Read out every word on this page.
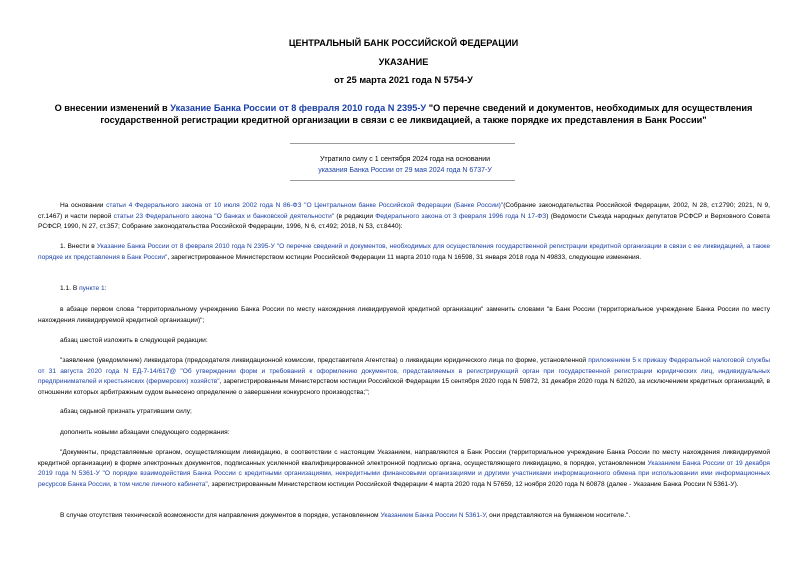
ЦЕНТРАЛЬНЫЙ БАНК РОССИЙСКОЙ ФЕДЕРАЦИИ
УКАЗАНИЕ
от 25 марта 2021 года N 5754-У
О внесении изменений в Указание Банка России от 8 февраля 2010 года N 2395-У "О перечне сведений и документов, необходимых для осуществления государственной регистрации кредитной организации в связи с ее ликвидацией, а также порядке их представления в Банк России"
Утратило силу с 1 сентября 2024 года на основании
указания Банка России от 29 мая 2024 года N 6737-У
На основании статьи 4 Федерального закона от 10 июля 2002 года N 86-ФЗ "О Центральном банке Российской Федерации (Банке России)"(Собрание законодательства Российской Федерации, 2002, N 28, ст.2790; 2021, N 9, ст.1467) и части первой статьи 23 Федерального закона "О банках и банковской деятельности" (в редакции Федерального закона от 3 февраля 1996 года N 17-ФЗ) (Ведомости Съезда народных депутатов РСФСР и Верховного Совета РСФСР, 1990, N 27, ст.357; Собрание законодательства Российской Федерации, 1996, N 6, ст.492; 2018, N 53, ст.8440):
1. Внести в Указание Банка России от 8 февраля 2010 года N 2395-У "О перечне сведений и документов, необходимых для осуществления государственной регистрации кредитной организации в связи с ее ликвидацией, а также порядке их представления в Банк России", зарегистрированное Министерством юстиции Российской Федерации 11 марта 2010 года N 16598, 31 января 2018 года N 49833, следующие изменения.
1.1. В пункте 1:
в абзаце первом слова "территориальному учреждению Банка России по месту нахождения ликвидируемой кредитной организации" заменить словами "в Банк России (территориальное учреждение Банка России по месту нахождения ликвидируемой кредитной организации)";
абзац шестой изложить в следующей редакции:
"заявление (уведомление) ликвидатора (председателя ликвидационной комиссии, представителя Агентства) о ликвидации юридического лица по форме, установленной приложением 5 к приказу Федеральной налоговой службы от 31 августа 2020 года N ЕД-7-14/617@ "Об утверждении форм и требований к оформлению документов, представляемых в регистрирующий орган при государственной регистрации юридических лиц, индивидуальных предпринимателей и крестьянских (фермерских) хозяйств", зарегистрированным Министерством юстиции Российской Федерации 15 сентября 2020 года N 59872, 31 декабря 2020 года N 62020, за исключением кредитных организаций, в отношении которых арбитражным судом вынесено определение о завершении конкурсного производства;";
абзац седьмой признать утратившим силу;
дополнить новыми абзацами следующего содержания:
"Документы, представляемые органом, осуществляющим ликвидацию, в соответствии с настоящим Указанием, направляются в Банк России (территориальное учреждение Банка России по месту нахождения ликвидируемой кредитной организации) в форме электронных документов, подписанных усиленной квалифицированной электронной подписью органа, осуществляющего ликвидацию, в порядке, установленном Указанием Банка России от 19 декабря 2019 года N 5361-У "О порядке взаимодействия Банка России с кредитными организациями, некредитными финансовыми организациями и другими участниками информационного обмена при использовании ими информационных ресурсов Банка России, в том числе личного кабинета", зарегистрированным Министерством юстиции Российской Федерации 4 марта 2020 года N 57659, 12 ноября 2020 года N 60878 (далее - Указание Банка России N 5361-У).
В случае отсутствия технической возможности для направления документов в порядке, установленном Указанием Банка России N 5361-У, они представляются на бумажном носителе.".
